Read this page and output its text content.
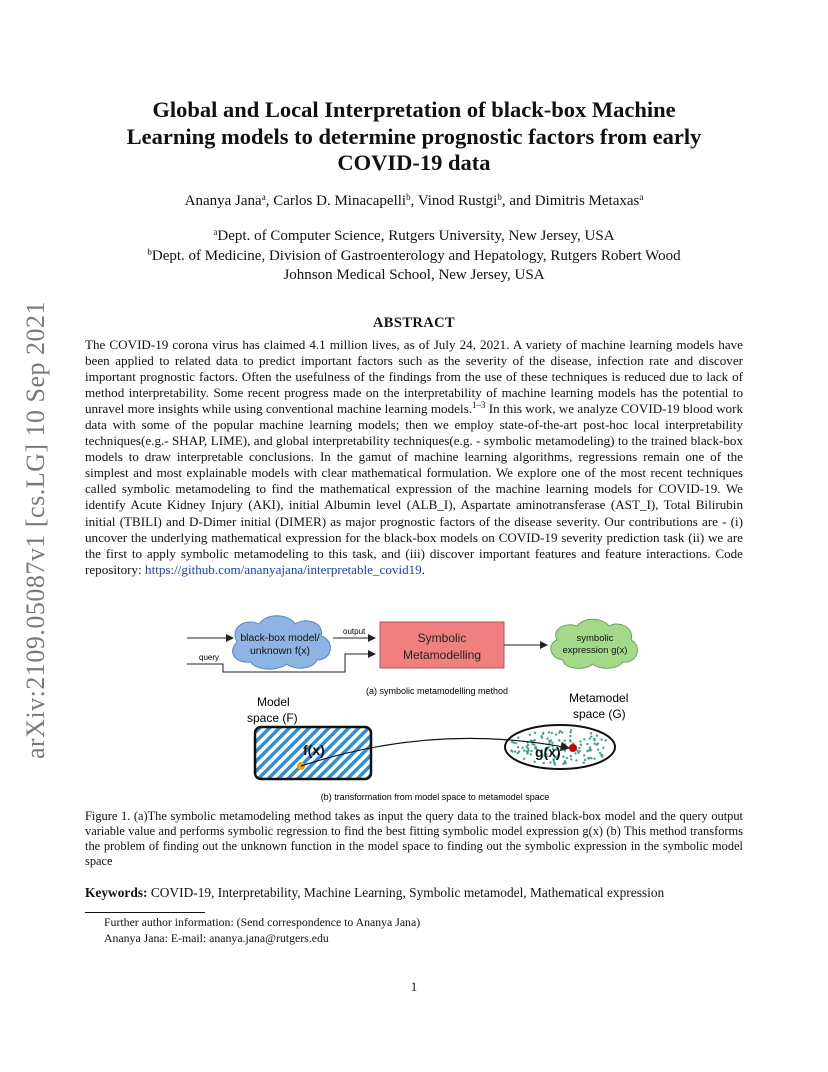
arXiv:2109.05087v1 [cs.LG] 10 Sep 2021
Global and Local Interpretation of black-box Machine
Learning models to determine prognostic factors from early
COVID-19 data
Ananya Jana$^a$, Carlos D. Minacapelli$^b$, Vinod Rustgi$^b$, and Dimitris Metaxas$^a$
$^a$Dept. of Computer Science, Rutgers University, New Jersey, USA
$^b$Dept. of Medicine, Division of Gastroenterology and Hepatology, Rutgers Robert Wood
Johnson Medical School, New Jersey, USA
ABSTRACT
The COVID-19 corona virus has claimed 4.1 million lives, as of July 24, 2021. A variety of machine learning models have been applied to related data to predict important factors such as the severity of the disease, infection rate and discover important prognostic factors. Often the usefulness of the findings from the use of these techniques is reduced due to lack of method interpretability. Some recent progress made on the interpretability of machine learning models has the potential to unravel more insights while using conventional machine learning models.$^{1-3}$ In this work, we analyze COVID-19 blood work data with some of the popular machine learning models; then we employ state-of-the-art post-hoc local interpretability techniques(e.g.- SHAP, LIME), and global interpretability techniques(e.g. - symbolic metamodeling) to the trained black-box models to draw interpretable conclusions. In the gamut of machine learning algorithms, regressions remain one of the simplest and most explainable models with clear mathematical formulation. We explore one of the most recent techniques called symbolic metamodeling to find the mathematical expression of the machine learning models for COVID-19. We identify Acute Kidney Injury (AKI), initial Albumin level (ALB_I), Aspartate aminotransferase (AST_I), Total Bilirubin initial (TBILI) and D-Dimer initial (DIMER) as major prognostic factors of the disease severity. Our contributions are - (i) uncover the underlying mathematical expression for the black-box models on COVID-19 severity prediction task (ii) we are the first to apply symbolic metamodeling to this task, and (iii) discover important features and feature interactions. Code repository: https://github.com/ananyajana/interpretable_covid19.
black-box model/
unknown f(x)
query
output	Symbolic
Metamodelling
symbolic
expression g(x)
(a) symbolic metamodelling method
Model
space (F)
Metamodel
space (G)
f(x)	g(x)
(b) transformation from model space to metamodel space
Figure 1. (a)The symbolic metamodeling method takes as input the query data to the trained black-box model and the query output variable value and performs symbolic regression to find the best fitting symbolic model expression g(x) (b) This method transforms the problem of finding out the unknown function in the model space to finding out the symbolic expression in the symbolic model space
Keywords: COVID-19, Interpretability, Machine Learning, Symbolic metamodel, Mathematical expression
Further author information: (Send correspondence to Ananya Jana)
Ananya Jana: E-mail: ananya.jana@rutgers.edu
1
